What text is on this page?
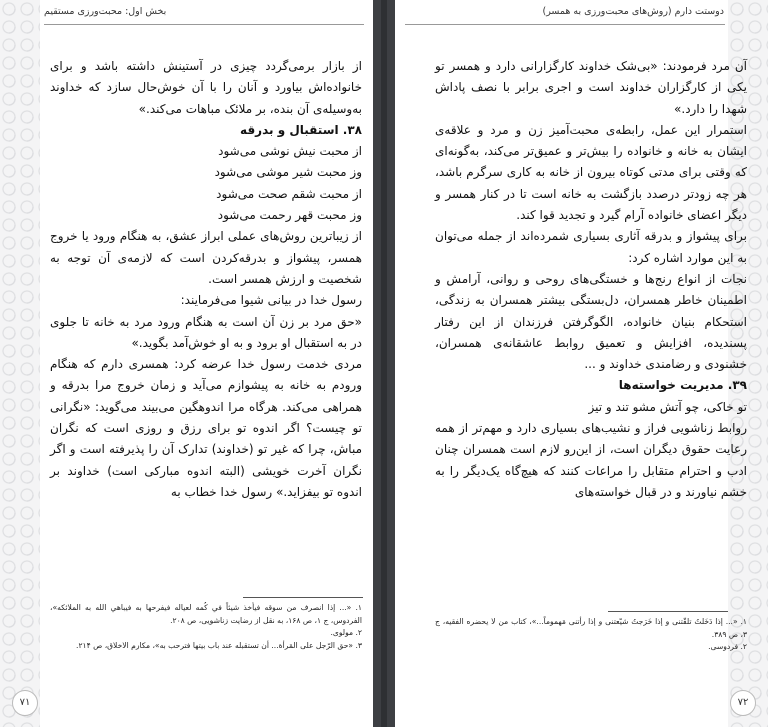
بخش اول: محبت‌ورزی مستقیم

از بازار برمی‌گردد چیزی در آستینش داشته باشد و برای خانواده‌اش بیاورد و آنان را با آن خوش‌حال سازد که خداوند به‌وسیله‌ی آن بنده، بر ملائک مباهات می‌کند.»

۳۸. استقبال و بدرقه

از محبت نیش نوشی می‌شود

وز محبت شیر موشی می‌شود

از محبت شقم صحت می‌شود

وز محبت قهر رحمت می‌شود

از زیباترین روش‌های عملی ابراز عشق، به هنگام ورود یا خروج همسر، پیشواز و بدرقه‌کردن است که لازمه‌ی آن توجه به شخصیت و ارزش همسر است.

رسول خدا در بیانی شیوا می‌فرمایند:

«حق مرد بر زن آن است به هنگام ورود مرد به خانه تا جلوی در به استقبال او برود و به او خوش‌آمد بگوید.»

مردی خدمت رسول خدا عرضه کرد: همسری دارم که هنگام ورودم به خانه به پیشوازم می‌آید و زمان خروج مرا بدرقه و همراهی می‌کند. هرگاه مرا اندوهگین می‌بیند می‌گوید: «نگرانی تو چیست؟ اگر اندوه تو برای رزق و روزی است که نگران مباش، چرا که غیر تو (خداوند) تدارک آن را پذیرفته است و اگر نگران آخرت خویشی (البته اندوه مبارکی است) خداوند بر اندوه تو بیفزاید.» رسول خدا خطاب به

۱. «... إذا انصرف من سوقه فيأخذ شيئاً في كُمه لعياله فيفرحها به فيباهي الله به الملائكه»، الفردوس، ج ۱، ص ۱۶۸، به نقل از رضایت زناشویی، ص ۲۰۸.

۲. مولوی.

۳. «حق الرّجل علی المَرأة... أن تستقبله عند باب بيتها فترحب به»، مکارم الاخلاق، ص ۲۱۴.

۷۱
دوستت دارم (روش‌های محبت‌ورزی به همسر)

آن مرد فرمودند: «بی‌شک خداوند کارگزارانی دارد و همسر تو یکی از کارگزاران خداوند است و اجری برابر با نصف پاداش شهدا را دارد.»

استمرار این عمل، رابطه‌ی محبت‌آمیز زن و مرد و علاقه‌ی ایشان به خانه و خانواده را بیش‌تر و عمیق‌تر می‌کند، به‌گونه‌ای که وقتی برای مدتی کوتاه بیرون از خانه به کاری سرگرم باشد، هر چه زودتر درصدد بازگشت به خانه است تا در کنار همسر و دیگر اعضای خانواده آرام گیرد و تجدید قوا کند.

برای پیشواز و بدرقه آثاری بسیاری شمرده‌اند از جمله می‌توان به این موارد اشاره کرد:

نجات از انواع رنج‌ها و خستگی‌های روحی و روانی، آرامش و اطمینان خاطر همسران، دل‌بستگی بیشتر همسران به زندگی، استحکام بنیان خانواده، الگوگرفتن فرزندان از این رفتار پسندیده، افزایش و تعمیق روابط عاشقانه‌ی همسران، خشنودی و رضامندی خداوند و ...

۳۹. مدیریت خواسته‌ها

تو خاکی، چو آتش مشو تند و تیز

روابط زناشویی فراز و نشیب‌های بسیاری دارد و مهم‌تر از همه رعایت حقوق دیگران است، از این‌رو لازم است همسران چنان ادب و احترام متقابل را مراعات کنند که هیچ‌گاه یک‌دیگر را به خشم نیاورند و در قبال خواسته‌های

۱. «... إذا دَخَلتُ تلقّتنی و إذا خَرَجتُ شيّعتنی و إذا رأتنی مَهموماً...»، کتاب من لا يحضره الفقيه، ج ۳، ص ۳۸۹.

۲. فردوسی.

۷۲
